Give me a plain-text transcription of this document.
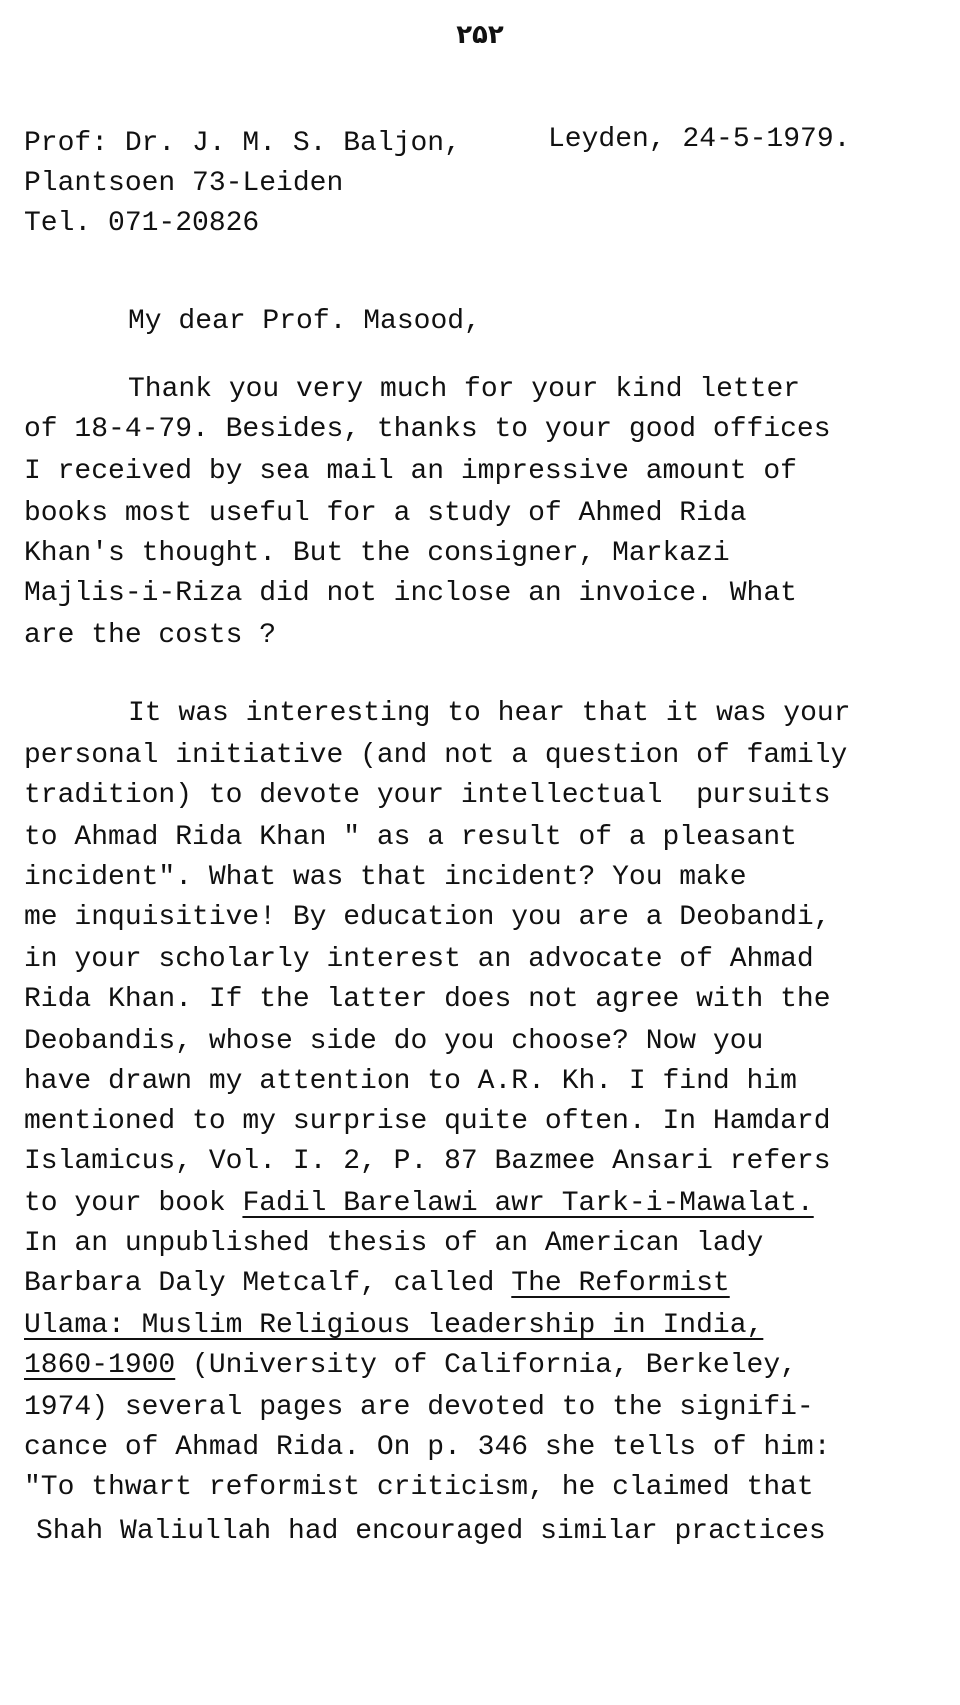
٢۵٢
Prof: Dr. J. M. S. Baljon,
Plantsoen 73-Leiden
Tel. 071-20826
Leyden, 24-5-1979.
My dear Prof. Masood,
Thank you very much for your kind letter
of 18-4-79. Besides, thanks to your good offices
I received by sea mail an impressive amount of
books most useful for a study of Ahmed Rida
Khan's thought. But the consigner, Markazi
Majlis-i-Riza did not inclose an invoice. What
are the costs ?
It was interesting to hear that it was your
personal initiative (and not a question of family
tradition) to devote your intellectual  pursuits
to Ahmad Rida Khan " as a result of a pleasant
incident". What was that incident? You make
me inquisitive! By education you are a Deobandi,
in your scholarly interest an advocate of Ahmad
Rida Khan. If the latter does not agree with the
Deobandis, whose side do you choose? Now you
have drawn my attention to A.R. Kh. I find him
mentioned to my surprise quite often. In Hamdard
Islamicus, Vol. I. 2, P. 87 Bazmee Ansari refers
to your book Fadil Barelawi awr Tark-i-Mawalat.
In an unpublished thesis of an American lady
Barbara Daly Metcalf, called The Reformist
Ulama: Muslim Religious leadership in India,
1860-1900 (University of California, Berkeley,
1974) several pages are devoted to the signifi-
cance of Ahmad Rida. On p. 346 she tells of him:
"To thwart reformist criticism, he claimed that
Shah Waliullah had encouraged similar practices
